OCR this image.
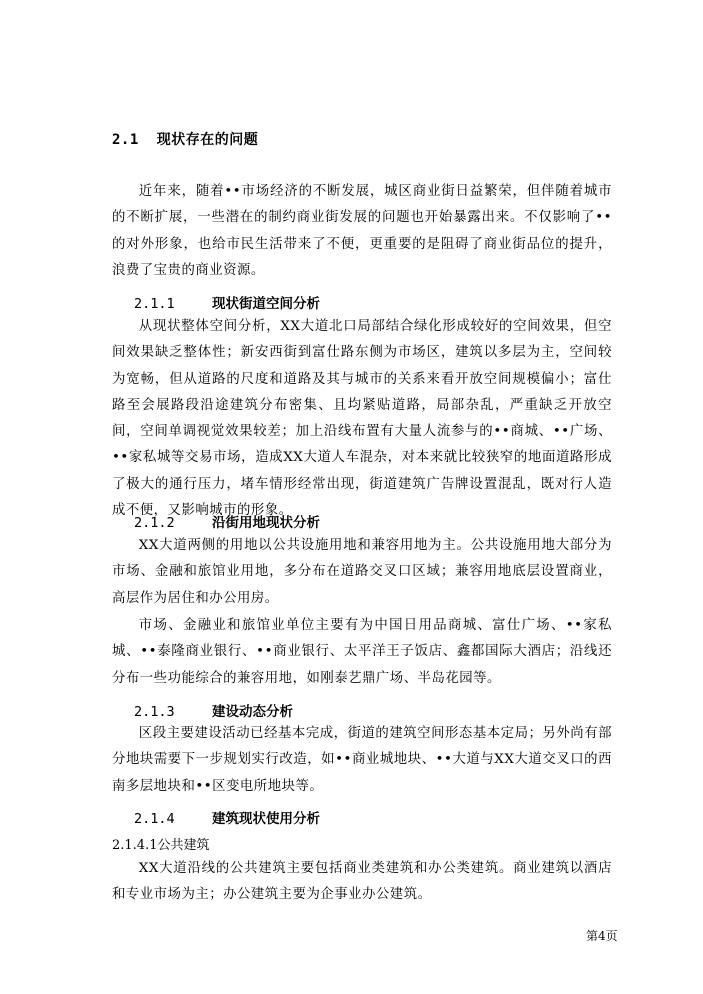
2.1 现状存在的问题

近年来，随着••市场经济的不断发展，城区商业街日益繁荣，但伴随着城市的不断扩展，一些潜在的制约商业街发展的问题也开始暴露出来。不仅影响了••的对外形象，也给市民生活带来了不便，更重要的是阻碍了商业街品位的提升，浪费了宝贵的商业资源。

2.1.1	现状街道空间分析

从现状整体空间分析，XX大道北口局部结合绿化形成较好的空间效果，但空间效果缺乏整体性；新安西街到富仕路东侧为市场区，建筑以多层为主，空间较为宽畅，但从道路的尺度和道路及其与城市的关系来看开放空间规模偏小；富仕路至会展路段沿途建筑分布密集、且均紧贴道路，局部杂乱，严重缺乏开放空间，空间单调视觉效果较差；加上沿线布置有大量人流参与的••商城、••广场、••家私城等交易市场，造成XX大道人车混杂，对本来就比较狭窄的地面道路形成了极大的通行压力，堵车情形经常出现，街道建筑广告牌设置混乱，既对行人造成不便，又影响城市的形象。

2.1.2	沿街用地现状分析

XX大道两侧的用地以公共设施用地和兼容用地为主。公共设施用地大部分为市场、金融和旅馆业用地，多分布在道路交叉口区域；兼容用地底层设置商业，高层作为居住和办公用房。

市场、金融业和旅馆业单位主要有为中国日用品商城、富仕广场、••家私城、••泰隆商业银行、••商业银行、太平洋王子饭店、鑫都国际大酒店；沿线还分布一些功能综合的兼容用地，如刚泰艺鼎广场、半岛花园等。

2.1.3	建设动态分析

区段主要建设活动已经基本完成，街道的建筑空间形态基本定局；另外尚有部分地块需要下一步规划实行改造，如••商业城地块、••大道与XX大道交叉口的西南多层地块和••区变电所地块等。

2.1.4	建筑现状使用分析
2.1.4.1公共建筑

XX大道沿线的公共建筑主要包括商业类建筑和办公类建筑。商业建筑以酒店和专业市场为主；办公建筑主要为企事业办公建筑。

第4页
